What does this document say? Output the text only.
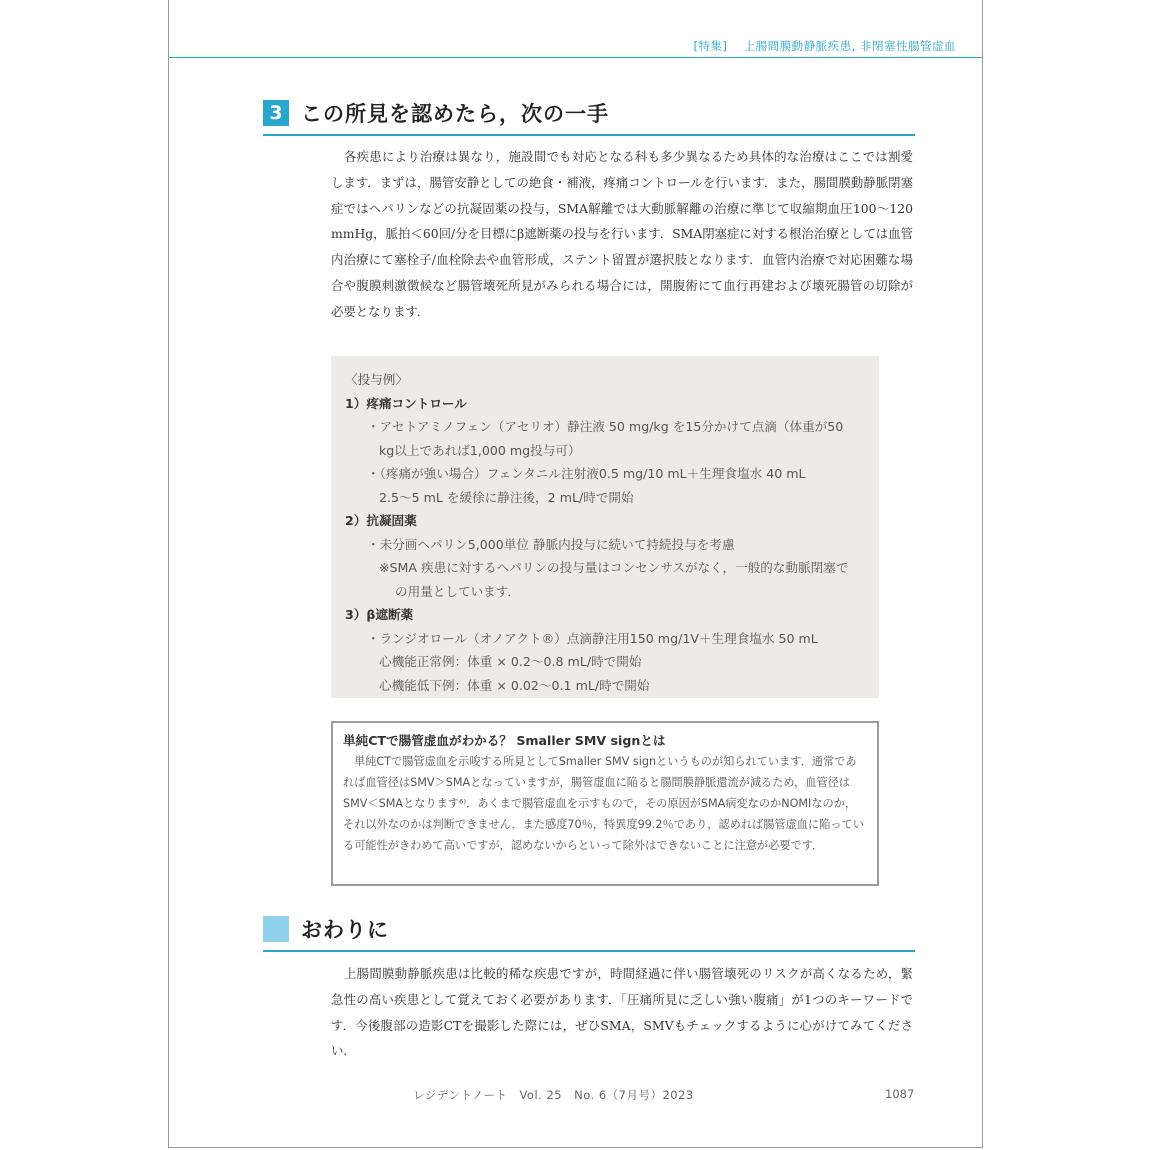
[特集] 上腸間膜動静脈疾患, 非閉塞性腸管虚血
3 この所見を認めたら，次の一手

各疾患により治療は異なり，施設間でも対応となる科も多少異なるため具体的な治療はここでは割愛します．まずは，腸管安静としての絶食・補液，疼痛コントロールを行います．また，腸間膜動静脈閉塞症ではヘパリンなどの抗凝固薬の投与，SMA解離では大動脈解離の治療に準じて収縮期血圧100〜120 mmHg，脈拍＜60回/分を目標にβ遮断薬の投与を行います．SMA閉塞症に対する根治治療としては血管内治療にて塞栓子/血栓除去や血管形成，ステント留置が選択肢となります．血管内治療で対応困難な場合や腹膜刺激徴候など腸管壊死所見がみられる場合には，開腹術にて血行再建および壊死腸管の切除が必要となります．

〈投与例〉
1）疼痛コントロール
・アセトアミノフェン（アセリオ）静注液 50 mg/kg を15分かけて点滴（体重が50
kg以上であれば1,000 mg投与可）
・（疼痛が強い場合）フェンタニル注射液0.5 mg/10 mL＋生理食塩水 40 mL
2.5〜5 mL を緩徐に静注後，2 mL/時で開始
2）抗凝固薬
・未分画ヘパリン5,000単位 静脈内投与に続いて持続投与を考慮
※SMA 疾患に対するヘパリンの投与量はコンセンサスがなく，一般的な動脈閉塞で
の用量としています．
3）β遮断薬
・ランジオロール（オノアクト®）点滴静注用150 mg/1V＋生理食塩水 50 mL
心機能正常例：体重 × 0.2〜0.8 mL/時で開始
心機能低下例：体重 × 0.02〜0.1 mL/時で開始
単純CTで腸管虚血がわかる？ Smaller SMV signとは

単純CTで腸管虚血を示唆する所見としてSmaller SMV signというものが知られています．通常であれば血管径はSMV＞SMAとなっていますが，腸管虚血に陥ると腸間膜静脈還流が減るため，血管径はSMV＜SMAとなります⁶⁾．あくまで腸管虚血を示すもので，その原因がSMA病変なのかNOMIなのか，それ以外なのかは判断できません．また感度70％，特異度99.2％であり，認めれば腸管虚血に陥っている可能性がきわめて高いですが，認めないからといって除外はできないことに注意が必要です．

おわりに

上腸間膜動静脈疾患は比較的稀な疾患ですが，時間経過に伴い腸管壊死のリスクが高くなるため，緊急性の高い疾患として覚えておく必要があります．「圧痛所見に乏しい強い腹痛」が1つのキーワードです．今後腹部の造影CTを撮影した際には，ぜひSMA，SMVもチェックするように心がけてみてください．

レジデントノート　Vol. 25　No. 6（7月号）2023	1087
